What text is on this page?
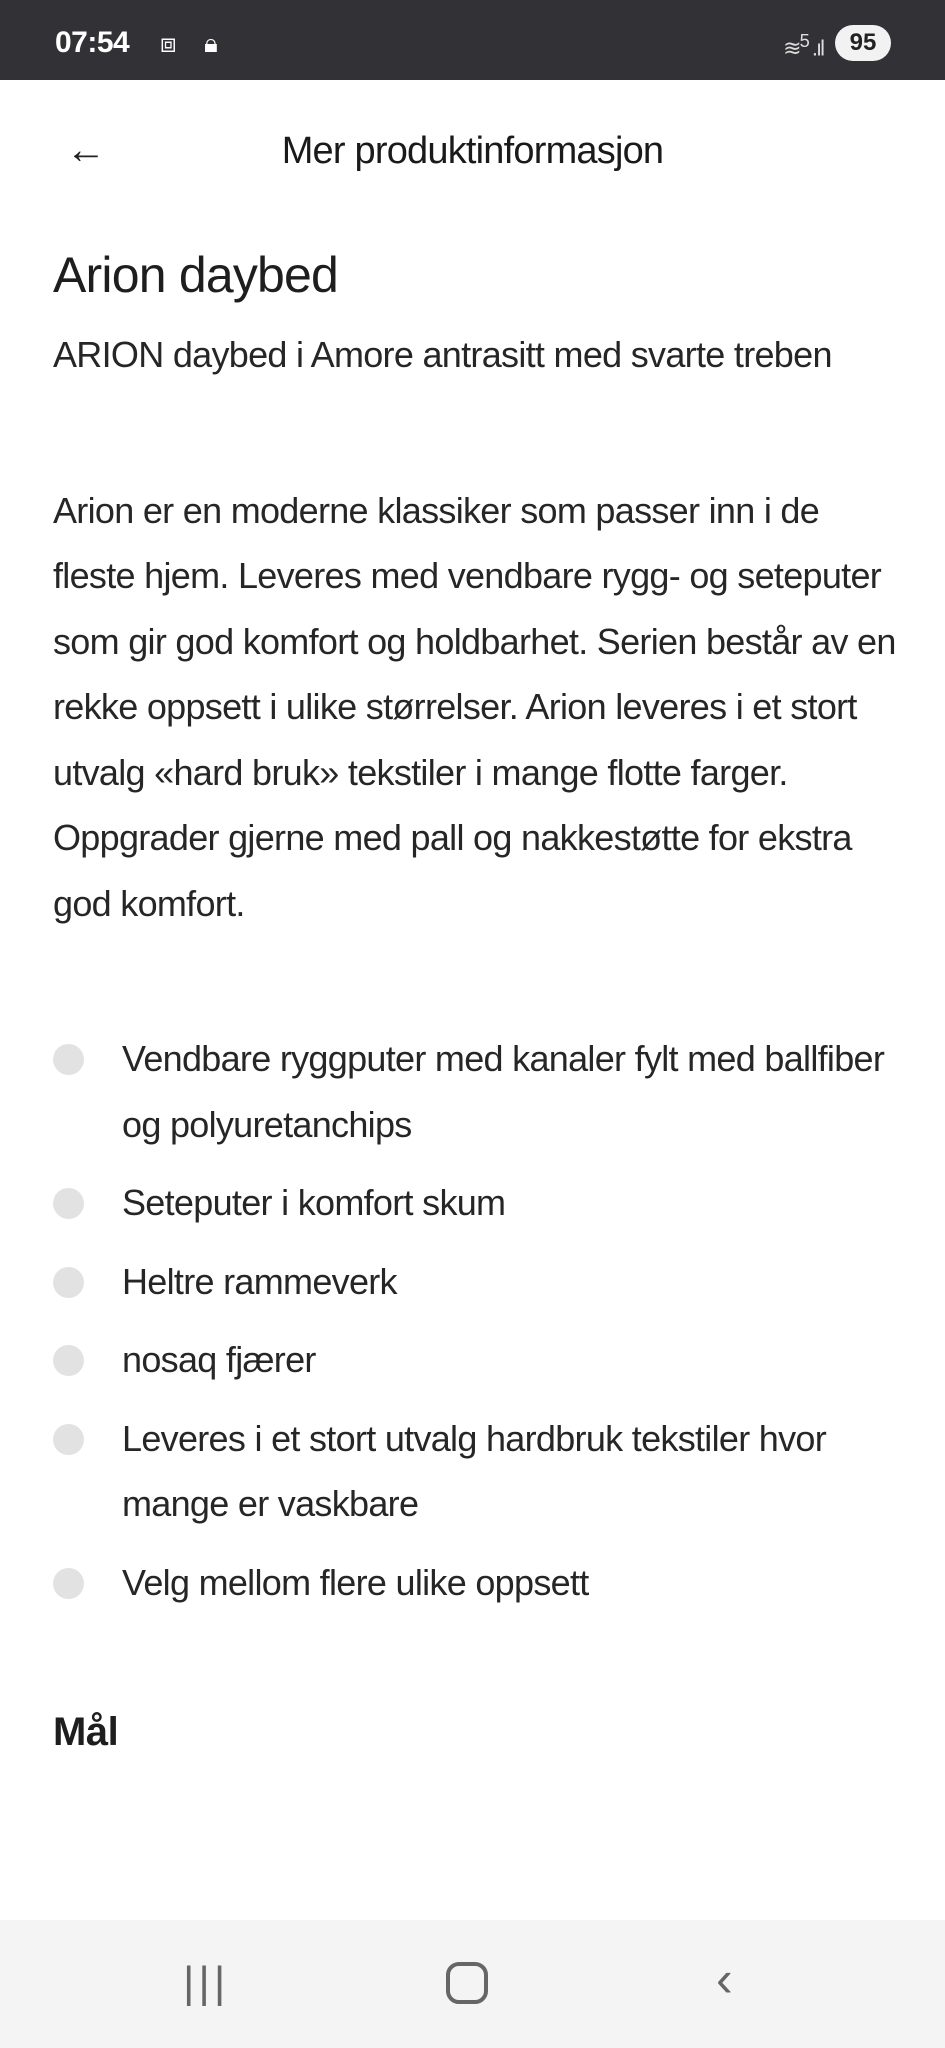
07:54 ⧈ 🔒︎	≋$^5$ .ıl	95
←	Mer produktinformasjon
Arion daybed

ARION daybed i Amore antrasitt med svarte treben

Arion er en moderne klassiker som passer inn i de fleste hjem. Leveres med vendbare rygg- og seteputer som gir god komfort og holdbarhet. Serien består av en rekke oppsett i ulike størrelser. Arion leveres i et stort utvalg «hard bruk» tekstiler i mange flotte farger. Oppgrader gjerne med pall og nakkestøtte for ekstra god komfort.

Vendbare ryggputer med kanaler fylt med ballfiber og polyuretanchips
Seteputer i komfort skum
Heltre rammeverk
nosaq fjærer
Leveres i et stort utvalg hardbruk tekstiler hvor mange er vaskbare
Velg mellom flere ulike oppsett
Mål
|||	‹
